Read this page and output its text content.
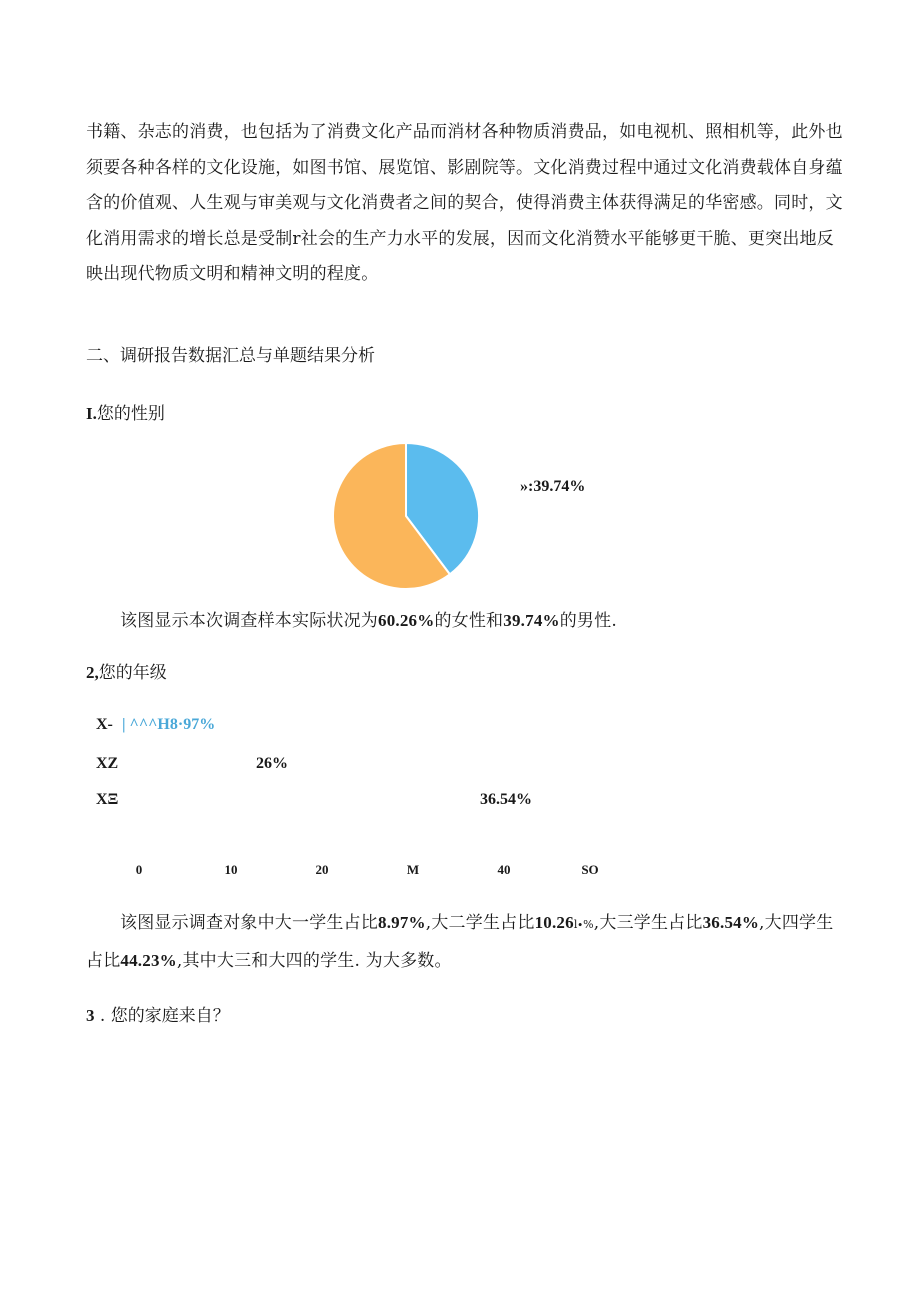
书籍、杂志的消费，也包括为了消费文化产品而消材各种物质消费品，如电视机、照相机等，此外也须要各种各样的文化设施，如图书馆、展览馆、影剧院等。文化消费过程中通过文化消费载体自身蕴含的价值观、人生观与审美观与文化消费者之间的契合，使得消费主体获得满足的华密感。同时，文化消用需求的增长总是受制r社会的生产力水平的发展，因而文化消赞水平能够更干脆、更突出地反映出现代物质文明和精神文明的程度。

二、调研报告数据汇总与单题结果分析
I.您的性别
»:39.74%

该图显示本次调查样本实际状况为60.26%的女性和39.74%的男性.

2,您的年级
X- | ^^^H8·97%
XZ	26%
XΞ	36.54%
0	10	20	M	40	SO

该图显示调查对象中大一学生占比8.97%,大二学生占比10.26l∙%,大三学生占比36.54%,大四学生占比44.23%,其中大三和大四的学生. 为大多数。

3 . 您的家庭来自？
